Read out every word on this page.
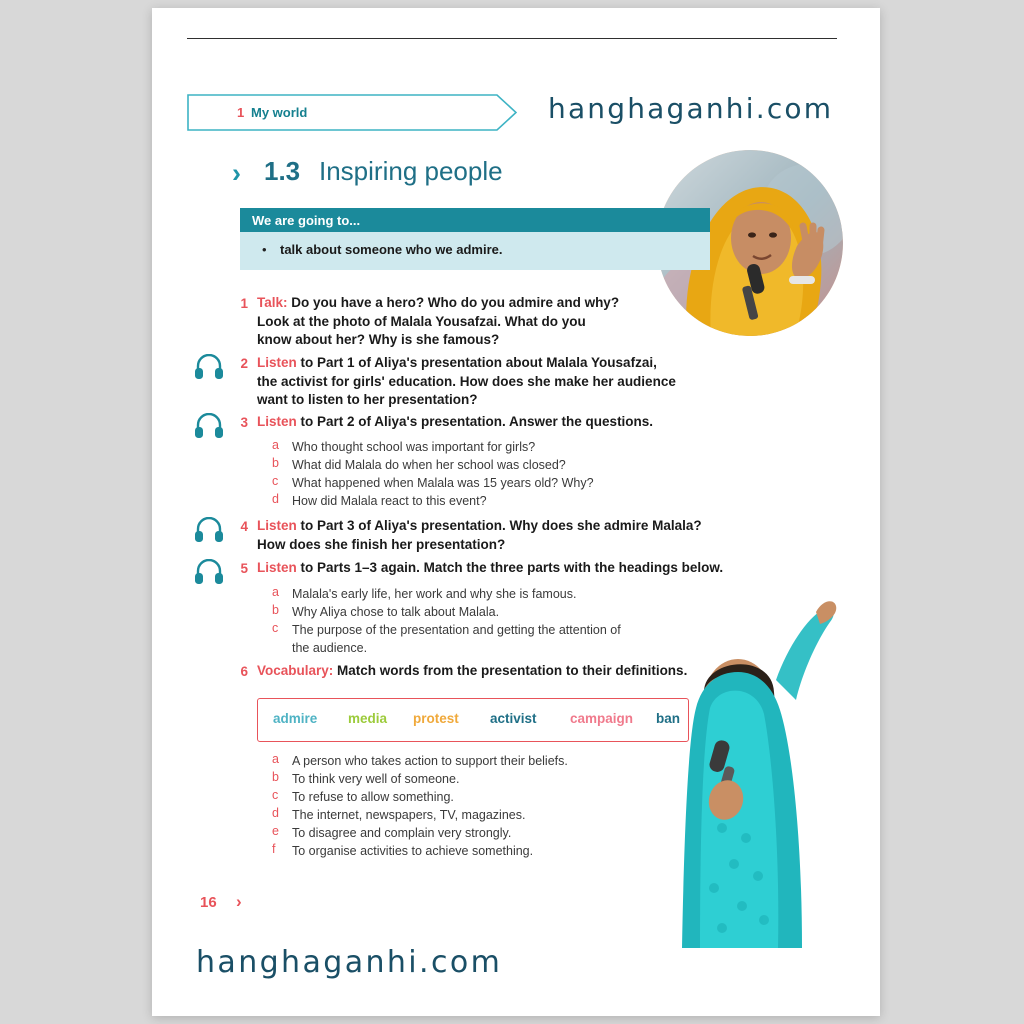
1 My world	hanghaganhi.com
› 1.3 Inspiring people
We are going to...
• talk about someone who we admire.
1 Talk: Do you have a hero? Who do you admire and why?
Look at the photo of Malala Yousafzai. What do you
know about her? Why is she famous?
05	2 Listen to Part 1 of Aliya's presentation about Malala Yousafzai,
the activist for girls' education. How does she make her audience
want to listen to her presentation?
06	3 Listen to Part 2 of Aliya's presentation. Answer the questions.
a	Who thought school was important for girls?
b	What did Malala do when her school was closed?
c	What happened when Malala was 15 years old? Why?
d	How did Malala react to this event?
07	4 Listen to Part 3 of Aliya's presentation. Why does she admire Malala?
How does she finish her presentation?
08	5 Listen to Parts 1–3 again. Match the three parts with the headings below.
a	Malala's early life, her work and why she is famous.
b	Why Aliya chose to talk about Malala.
c	The purpose of the presentation and getting the attention of
the audience.
6 Vocabulary: Match words from the presentation to their definitions.
admire media protest activist campaign ban
a	A person who takes action to support their beliefs.
b	To think very well of someone.
c	To refuse to allow something.
d	The internet, newspapers, TV, magazines.
e	To disagree and complain very strongly.
f	To organise activities to achieve something.
16 ›
hanghaganhi.com
